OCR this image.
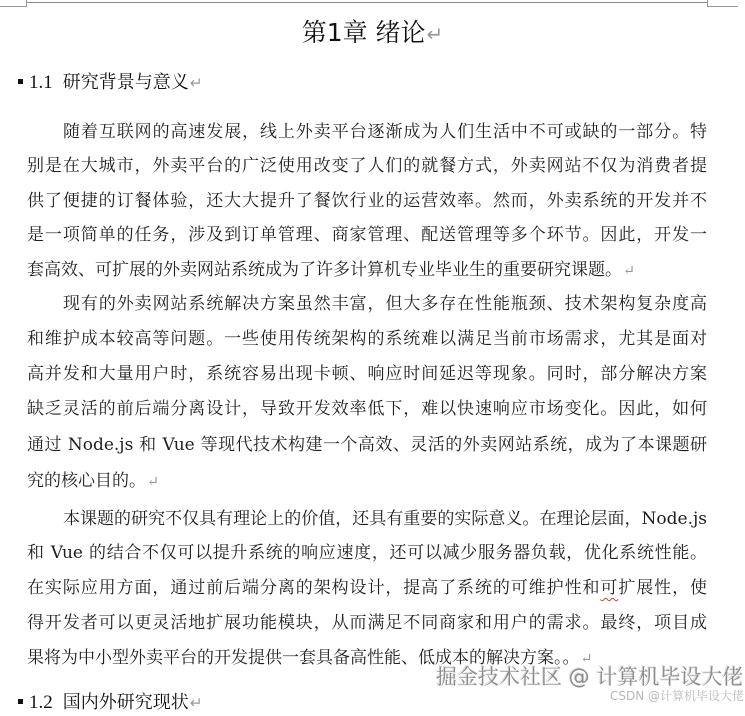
第1章 绪论↵
1.1 研究背景与意义↵
随着互联网的高速发展，线上外卖平台逐渐成为人们生活中不可或缺的一部分。特
别是在大城市，外卖平台的广泛使用改变了人们的就餐方式，外卖网站不仅为消费者提
供了便捷的订餐体验，还大大提升了餐饮行业的运营效率。然而，外卖系统的开发并不
是一项简单的任务，涉及到订单管理、商家管理、配送管理等多个环节。因此，开发一
套高效、可扩展的外卖网站系统成为了许多计算机专业毕业生的重要研究课题。↵
现有的外卖网站系统解决方案虽然丰富，但大多存在性能瓶颈、技术架构复杂度高
和维护成本较高等问题。一些使用传统架构的系统难以满足当前市场需求，尤其是面对
高并发和大量用户时，系统容易出现卡顿、响应时间延迟等现象。同时，部分解决方案
缺乏灵活的前后端分离设计，导致开发效率低下，难以快速响应市场变化。因此，如何
通过 Node.js 和 Vue 等现代技术构建一个高效、灵活的外卖网站系统，成为了本课题研
究的核心目的。↵
本课题的研究不仅具有理论上的价值，还具有重要的实际意义。在理论层面，Node.js
和 Vue 的结合不仅可以提升系统的响应速度，还可以减少服务器负载，优化系统性能。
在实际应用方面，通过前后端分离的架构设计，提高了系统的可维护性和可扩展性，使
得开发者可以更灵活地扩展功能模块，从而满足不同商家和用户的需求。最终，项目成
果将为中小型外卖平台的开发提供一套具备高性能、低成本的解决方案。。↵
1.2 国内外研究现状↵
掘金技术社区 @ 计算机毕设大佬
CSDN @计算机毕设大佬
